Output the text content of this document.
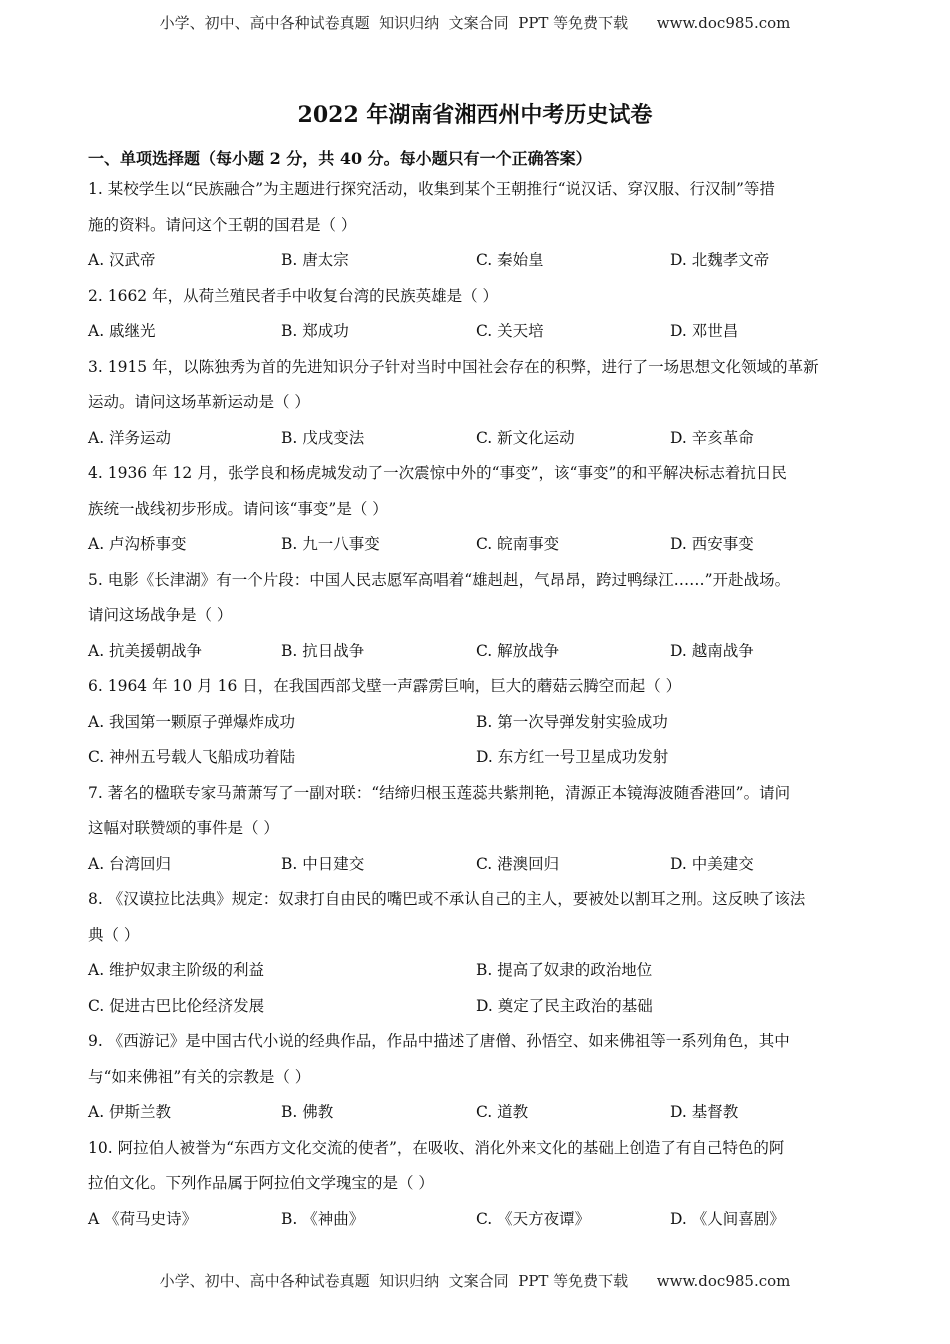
小学、初中、高中各种试卷真题  知识归纳  文案合同  PPT 等免费下载      www.doc985.com
2022 年湖南省湘西州中考历史试卷
一、单项选择题（每小题 2 分，共 40 分。每小题只有一个正确答案）

1. 某校学生以“民族融合”为主题进行探究活动，收集到某个王朝推行“说汉话、穿汉服、行汉制”等措

施的资料。请问这个王朝的国君是（ ）

A. 汉武帝	B. 唐太宗	C. 秦始皇	D. 北魏孝文帝

2. 1662 年，从荷兰殖民者手中收复台湾的民族英雄是（ ）

A. 戚继光	B. 郑成功	C. 关天培	D. 邓世昌

3. 1915 年，以陈独秀为首的先进知识分子针对当时中国社会存在的积弊，进行了一场思想文化领域的革新

运动。请问这场革新运动是（ ）

A. 洋务运动	B. 戊戌变法	C. 新文化运动	D. 辛亥革命

4. 1936 年 12 月，张学良和杨虎城发动了一次震惊中外的“事变”，该“事变”的和平解决标志着抗日民

族统一战线初步形成。请问该“事变”是（ ）

A. 卢沟桥事变	B. 九一八事变	C. 皖南事变	D. 西安事变

5. 电影《长津湖》有一个片段：中国人民志愿军高唱着“雄赳赳，气昂昂，跨过鸭绿江……”开赴战场。

请问这场战争是（ ）

A. 抗美援朝战争	B. 抗日战争	C. 解放战争	D. 越南战争

6. 1964 年 10 月 16 日，在我国西部戈壁一声霹雳巨响，巨大的蘑菇云腾空而起（ ）

A. 我国第一颗原子弹爆炸成功	B. 第一次导弹发射实验成功
C. 神州五号载人飞船成功着陆	D. 东方红一号卫星成功发射

7. 著名的楹联专家马萧萧写了一副对联：“结缔归根玉莲蕊共紫荆艳，清源正本镜海波随香港回”。请问

这幅对联赞颂的事件是（ ）

A. 台湾回归	B. 中日建交	C. 港澳回归	D. 中美建交

8. 《汉谟拉比法典》规定：奴隶打自由民的嘴巴或不承认自己的主人，要被处以割耳之刑。这反映了该法

典（ ）

A. 维护奴隶主阶级的利益	B. 提高了奴隶的政治地位
C. 促进古巴比伦经济发展	D. 奠定了民主政治的基础

9. 《西游记》是中国古代小说的经典作品，作品中描述了唐僧、孙悟空、如来佛祖等一系列角色，其中

与“如来佛祖”有关的宗教是（ ）

A. 伊斯兰教	B. 佛教	C. 道教	D. 基督教

10. 阿拉伯人被誉为“东西方文化交流的使者”，在吸收、消化外来文化的基础上创造了有自己特色的阿

拉伯文化。下列作品属于阿拉伯文学瑰宝的是（ ）

A 《荷马史诗》	B. 《神曲》	C. 《天方夜谭》	D. 《人间喜剧》
小学、初中、高中各种试卷真题  知识归纳  文案合同  PPT 等免费下载      www.doc985.com
